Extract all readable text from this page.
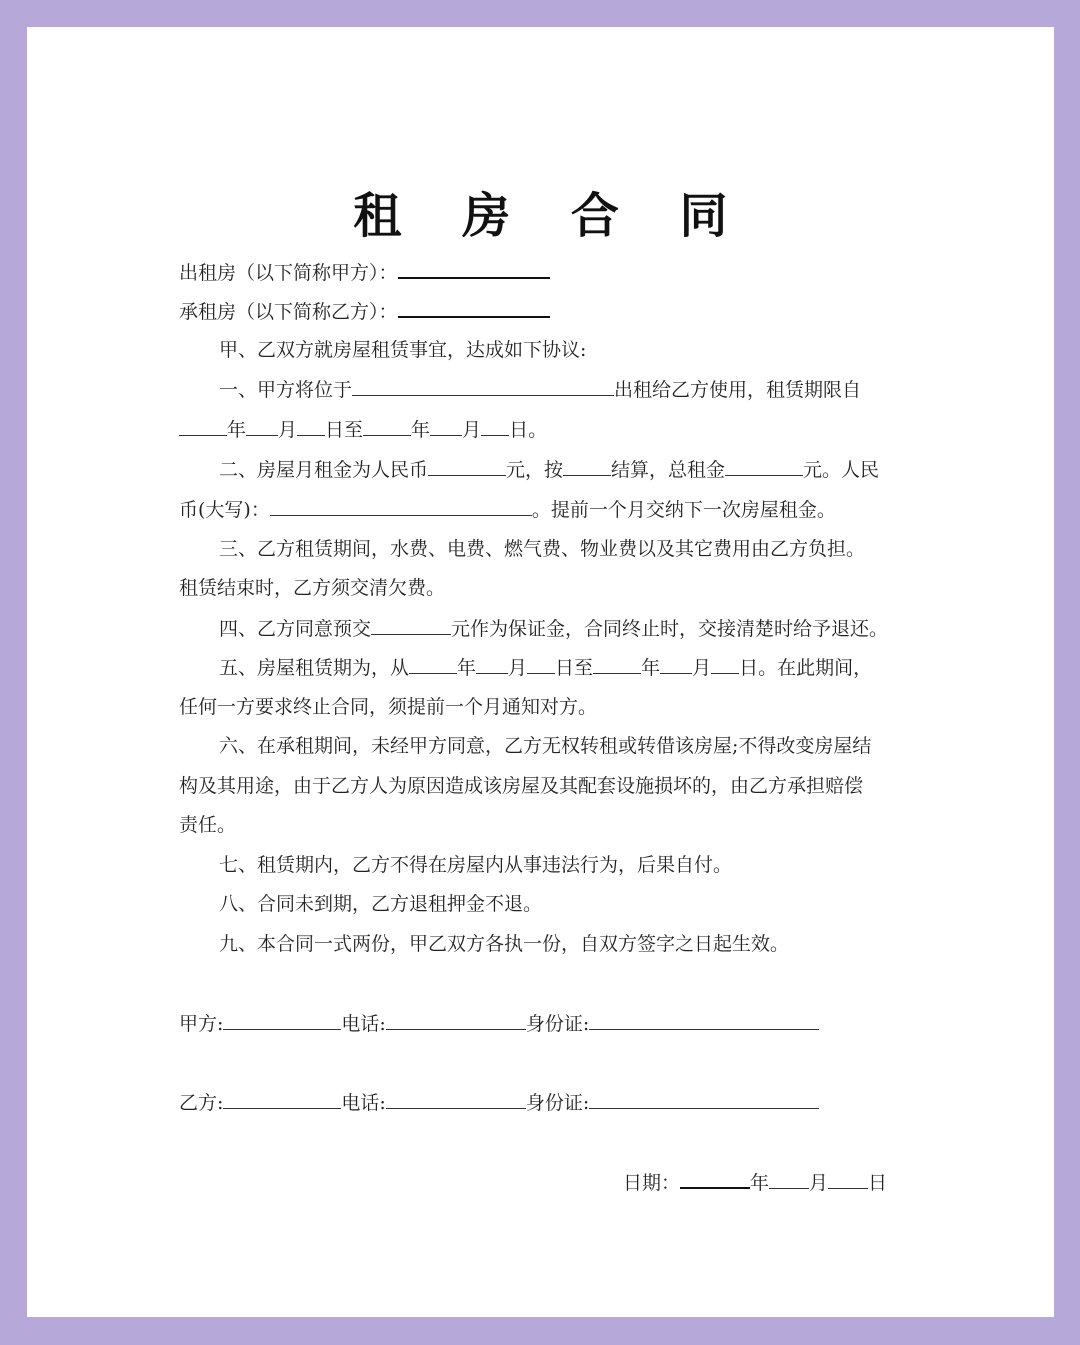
租 房 合 同
出租房（以下简称甲方）：
承租房（以下简称乙方）：
甲、乙双方就房屋租赁事宜，达成如下协议:
一、甲方将位于	出租给乙方使用，租赁期限自
年 月 日至	年 月 日。
二、房屋月租金为人民币	元，按	结算，总租金	元。人民
币(大写)：	。提前一个月交纳下一次房屋租金。
三、乙方租赁期间，水费、电费、燃气费、物业费以及其它费用由乙方负担。
租赁结束时，乙方须交清欠费。
四、乙方同意预交	元作为保证金，合同终止时，交接清楚时给予退还。
五、房屋租赁期为，从	年 月 日至	年 月 日。在此期间，
任何一方要求终止合同，须提前一个月通知对方。
六、在承租期间，未经甲方同意，乙方无权转租或转借该房屋;不得改变房屋结
构及其用途，由于乙方人为原因造成该房屋及其配套设施损坏的，由乙方承担赔偿
责任。
七、租赁期内，乙方不得在房屋内从事违法行为，后果自付。
八、合同未到期，乙方退租押金不退。
九、本合同一式两份，甲乙双方各执一份，自双方签字之日起生效。
甲方:	电话:	身份证:
乙方:	电话:	身份证:
日期：	年 月 日
